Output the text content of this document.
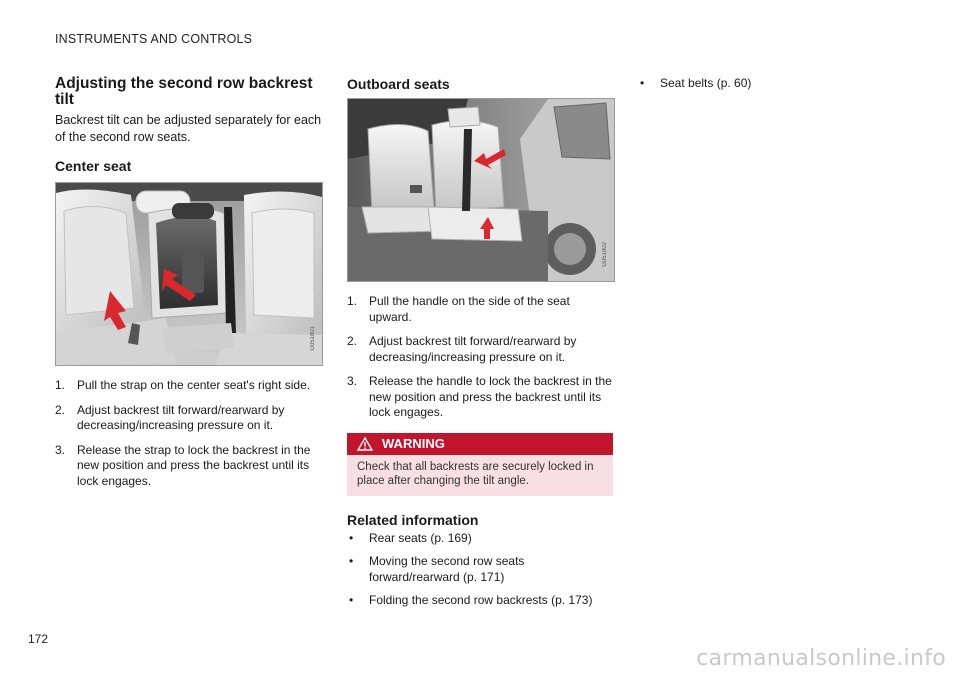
INSTRUMENTS AND CONTROLS
Adjusting the second row backrest tilt

Backrest tilt can be adjusted separately for each of the second row seats.

Center seat
G051801
1. Pull the strap on the center seat's right side.
2. Adjust backrest tilt forward/rearward by decreasing/increasing pressure on it.
3. Release the strap to lock the backrest in the new position and press the backrest until its lock engages.
Outboard seats
G051802
1. Pull the handle on the side of the seat upward.
2. Adjust backrest tilt forward/rearward by decreasing/increasing pressure on it.
3. Release the handle to lock the backrest in the new position and press the backrest until its lock engages.
WARNING
Check that all backrests are securely locked in place after changing the tilt angle.
Related information
• Rear seats (p. 169)
• Moving the second row seats forward/rearward (p. 171)
• Folding the second row backrests (p. 173)
• Seat belts (p. 60)
172
carmanualsonline.info
